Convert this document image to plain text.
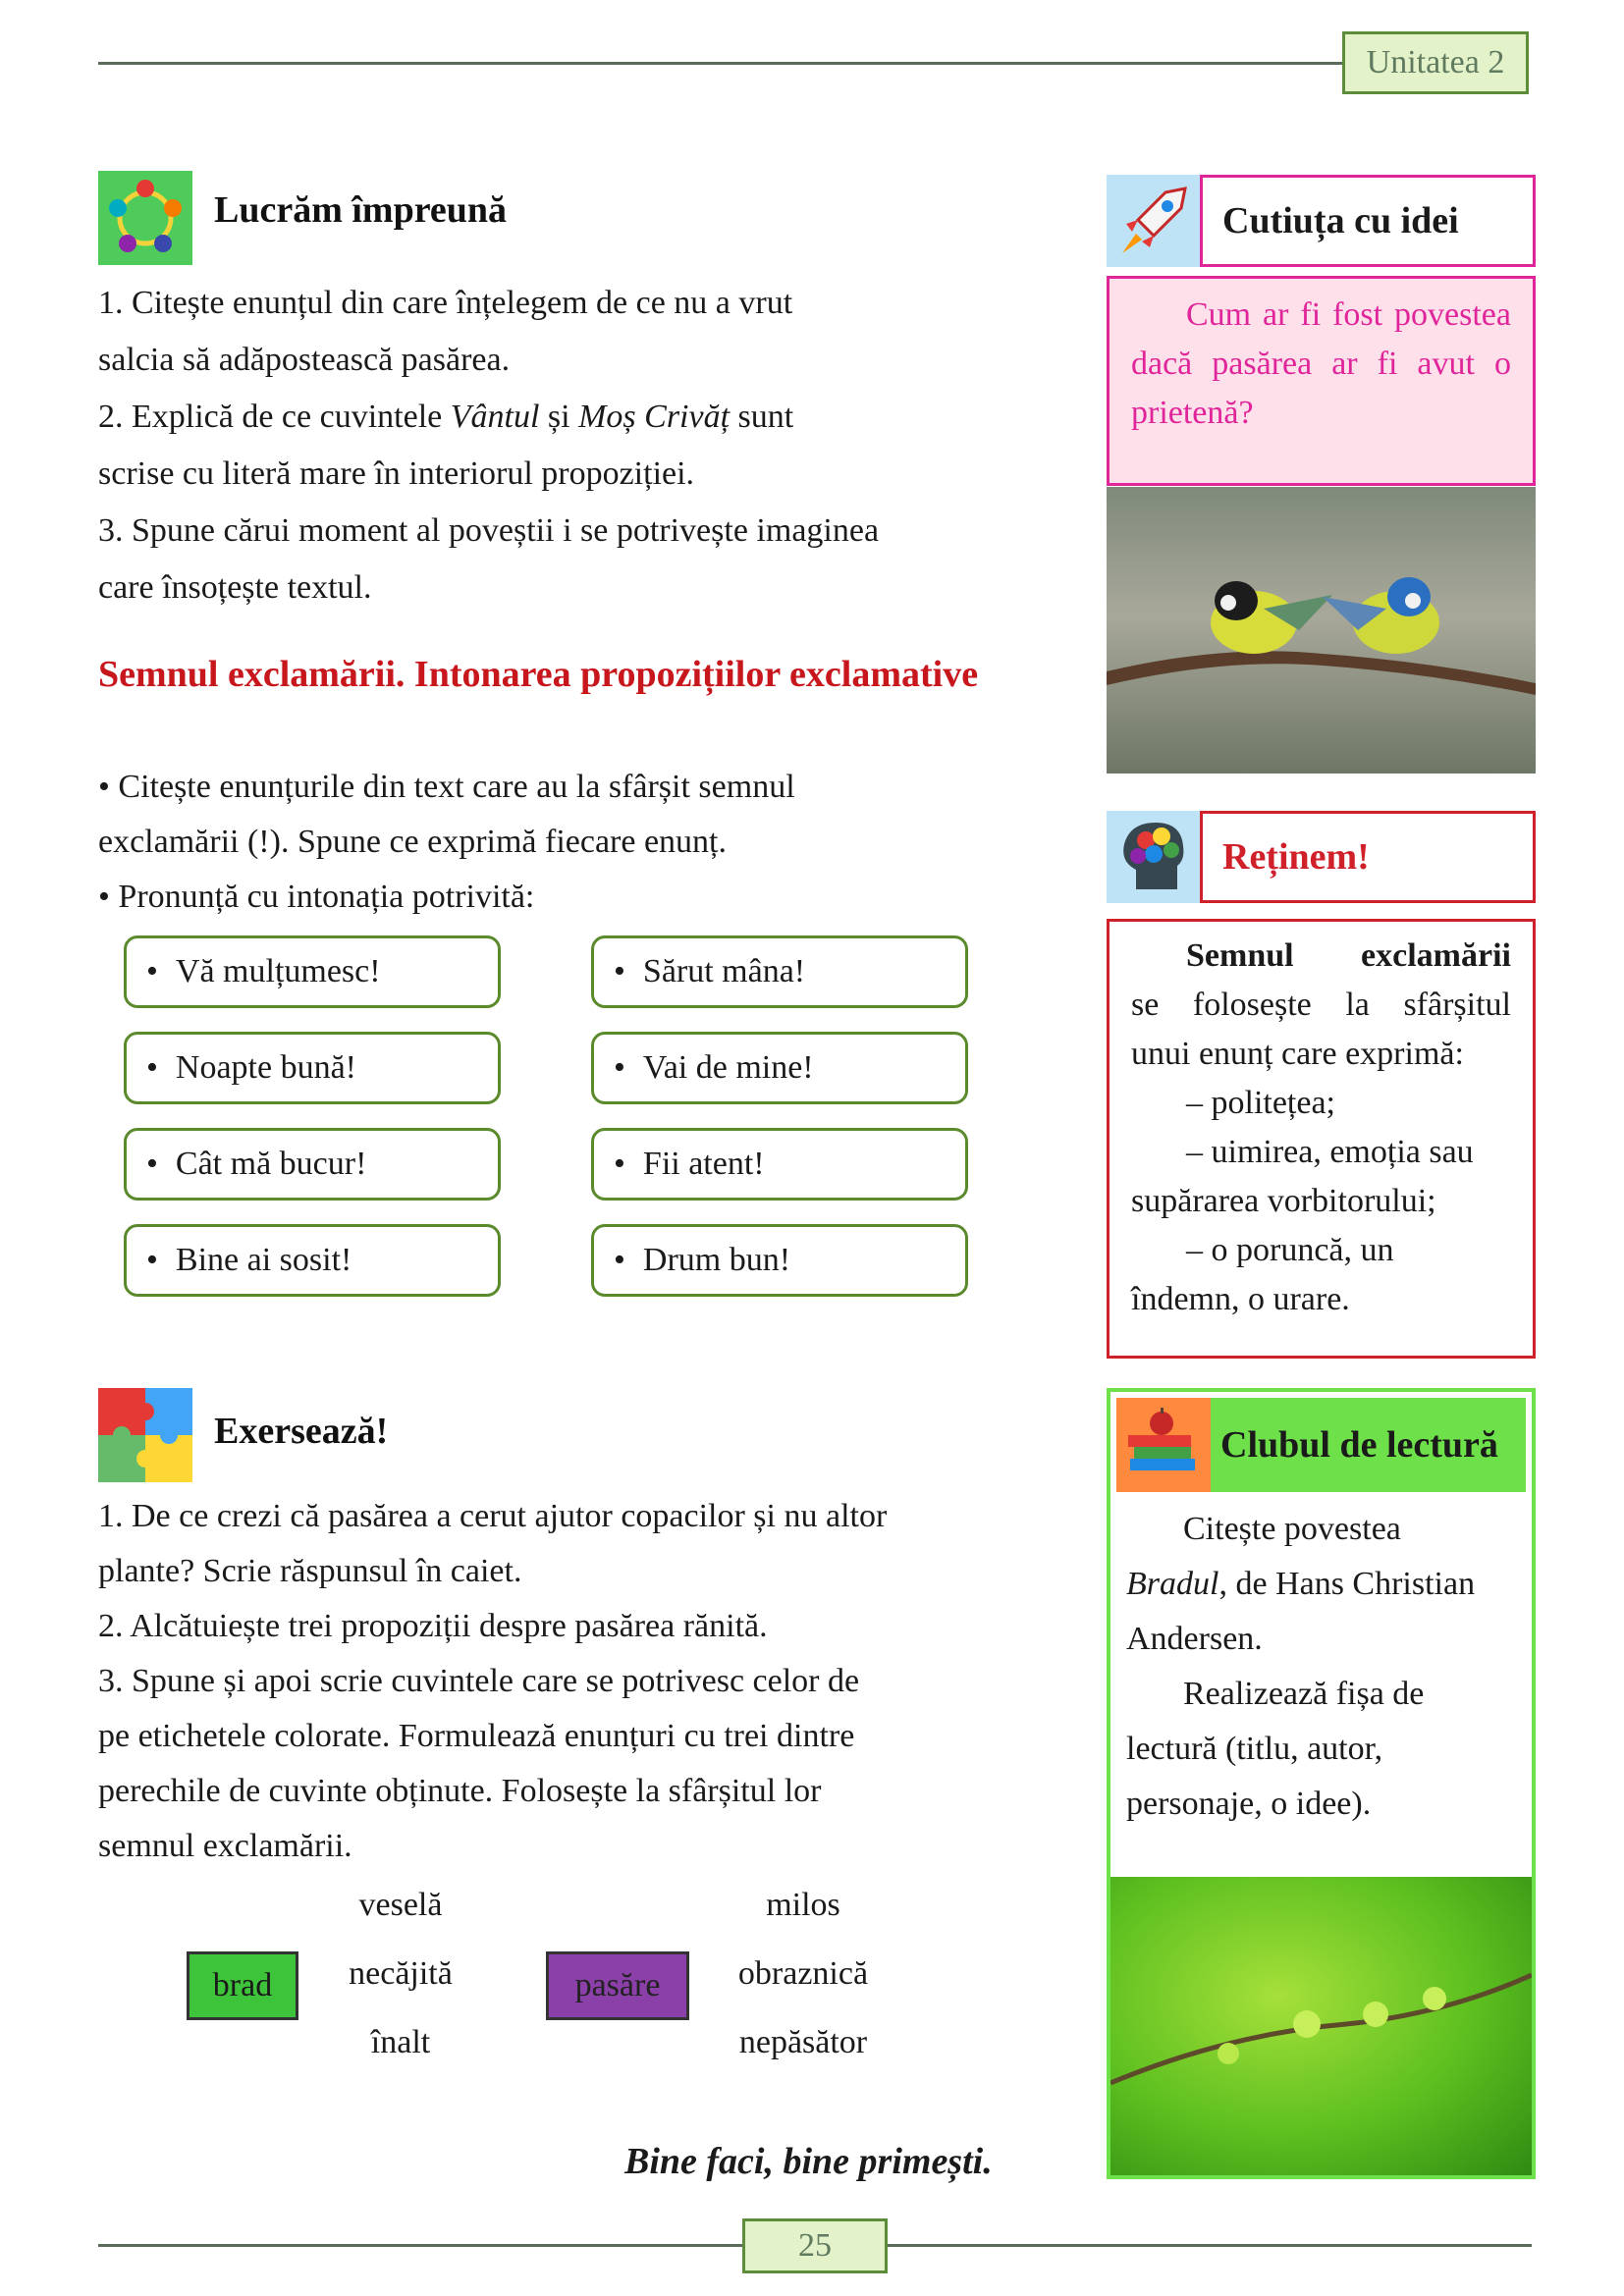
Unitatea 2
Lucrăm împreună

1. Citește enunțul din care înțelegem de ce nu a vrut

salcia să adăpostească pasărea.

2. Explică de ce cuvintele Vântul și Moș Crivăț sunt

scrise cu literă mare în interiorul propoziției.

3. Spune cărui moment al poveștii i se potrivește imaginea

care însoțește textul.

Semnul exclamării. Intonarea propozițiilor exclamative

• Citește enunțurile din text care au la sfârșit semnul

exclamării (!). Spune ce exprimă fiecare enunț.

• Pronunță cu intonația potrivită:

• Vă mulțumesc!
• Noapte bună!
• Cât mă bucur!
• Bine ai sosit!
• Sărut mâna!
• Vai de mine!
• Fii atent!
• Drum bun!
Exersează!

1. De ce crezi că pasărea a cerut ajutor copacilor și nu altor

plante? Scrie răspunsul în caiet.

2. Alcătuiește trei propoziții despre pasărea rănită.

3. Spune și apoi scrie cuvintele care se potrivesc celor de

pe etichetele colorate. Formulează enunțuri cu trei dintre

perechile de cuvinte obținute. Folosește la sfârșitul lor

semnul exclamării.

veselă
necăjită
înalt
brad
milos
obraznică
nepăsător
pasăre
Bine faci, bine primești.
Cutiuța cu idei
Cum ar fi fost povestea dacă pasărea ar fi avut o prietenă?
Reținem!
Semnul exclamării
se folosește la sfârșitul
unui enunț care exprimă:
– politețea;
– uimirea, emoția sau
supărarea vorbitorului;
– o poruncă, un
îndemn, o urare.
Clubul de lectură
Citește povestea
Bradul, de Hans Christian
Andersen.
Realizează fișa de
lectură (titlu, autor,
personaje, o idee).
25
